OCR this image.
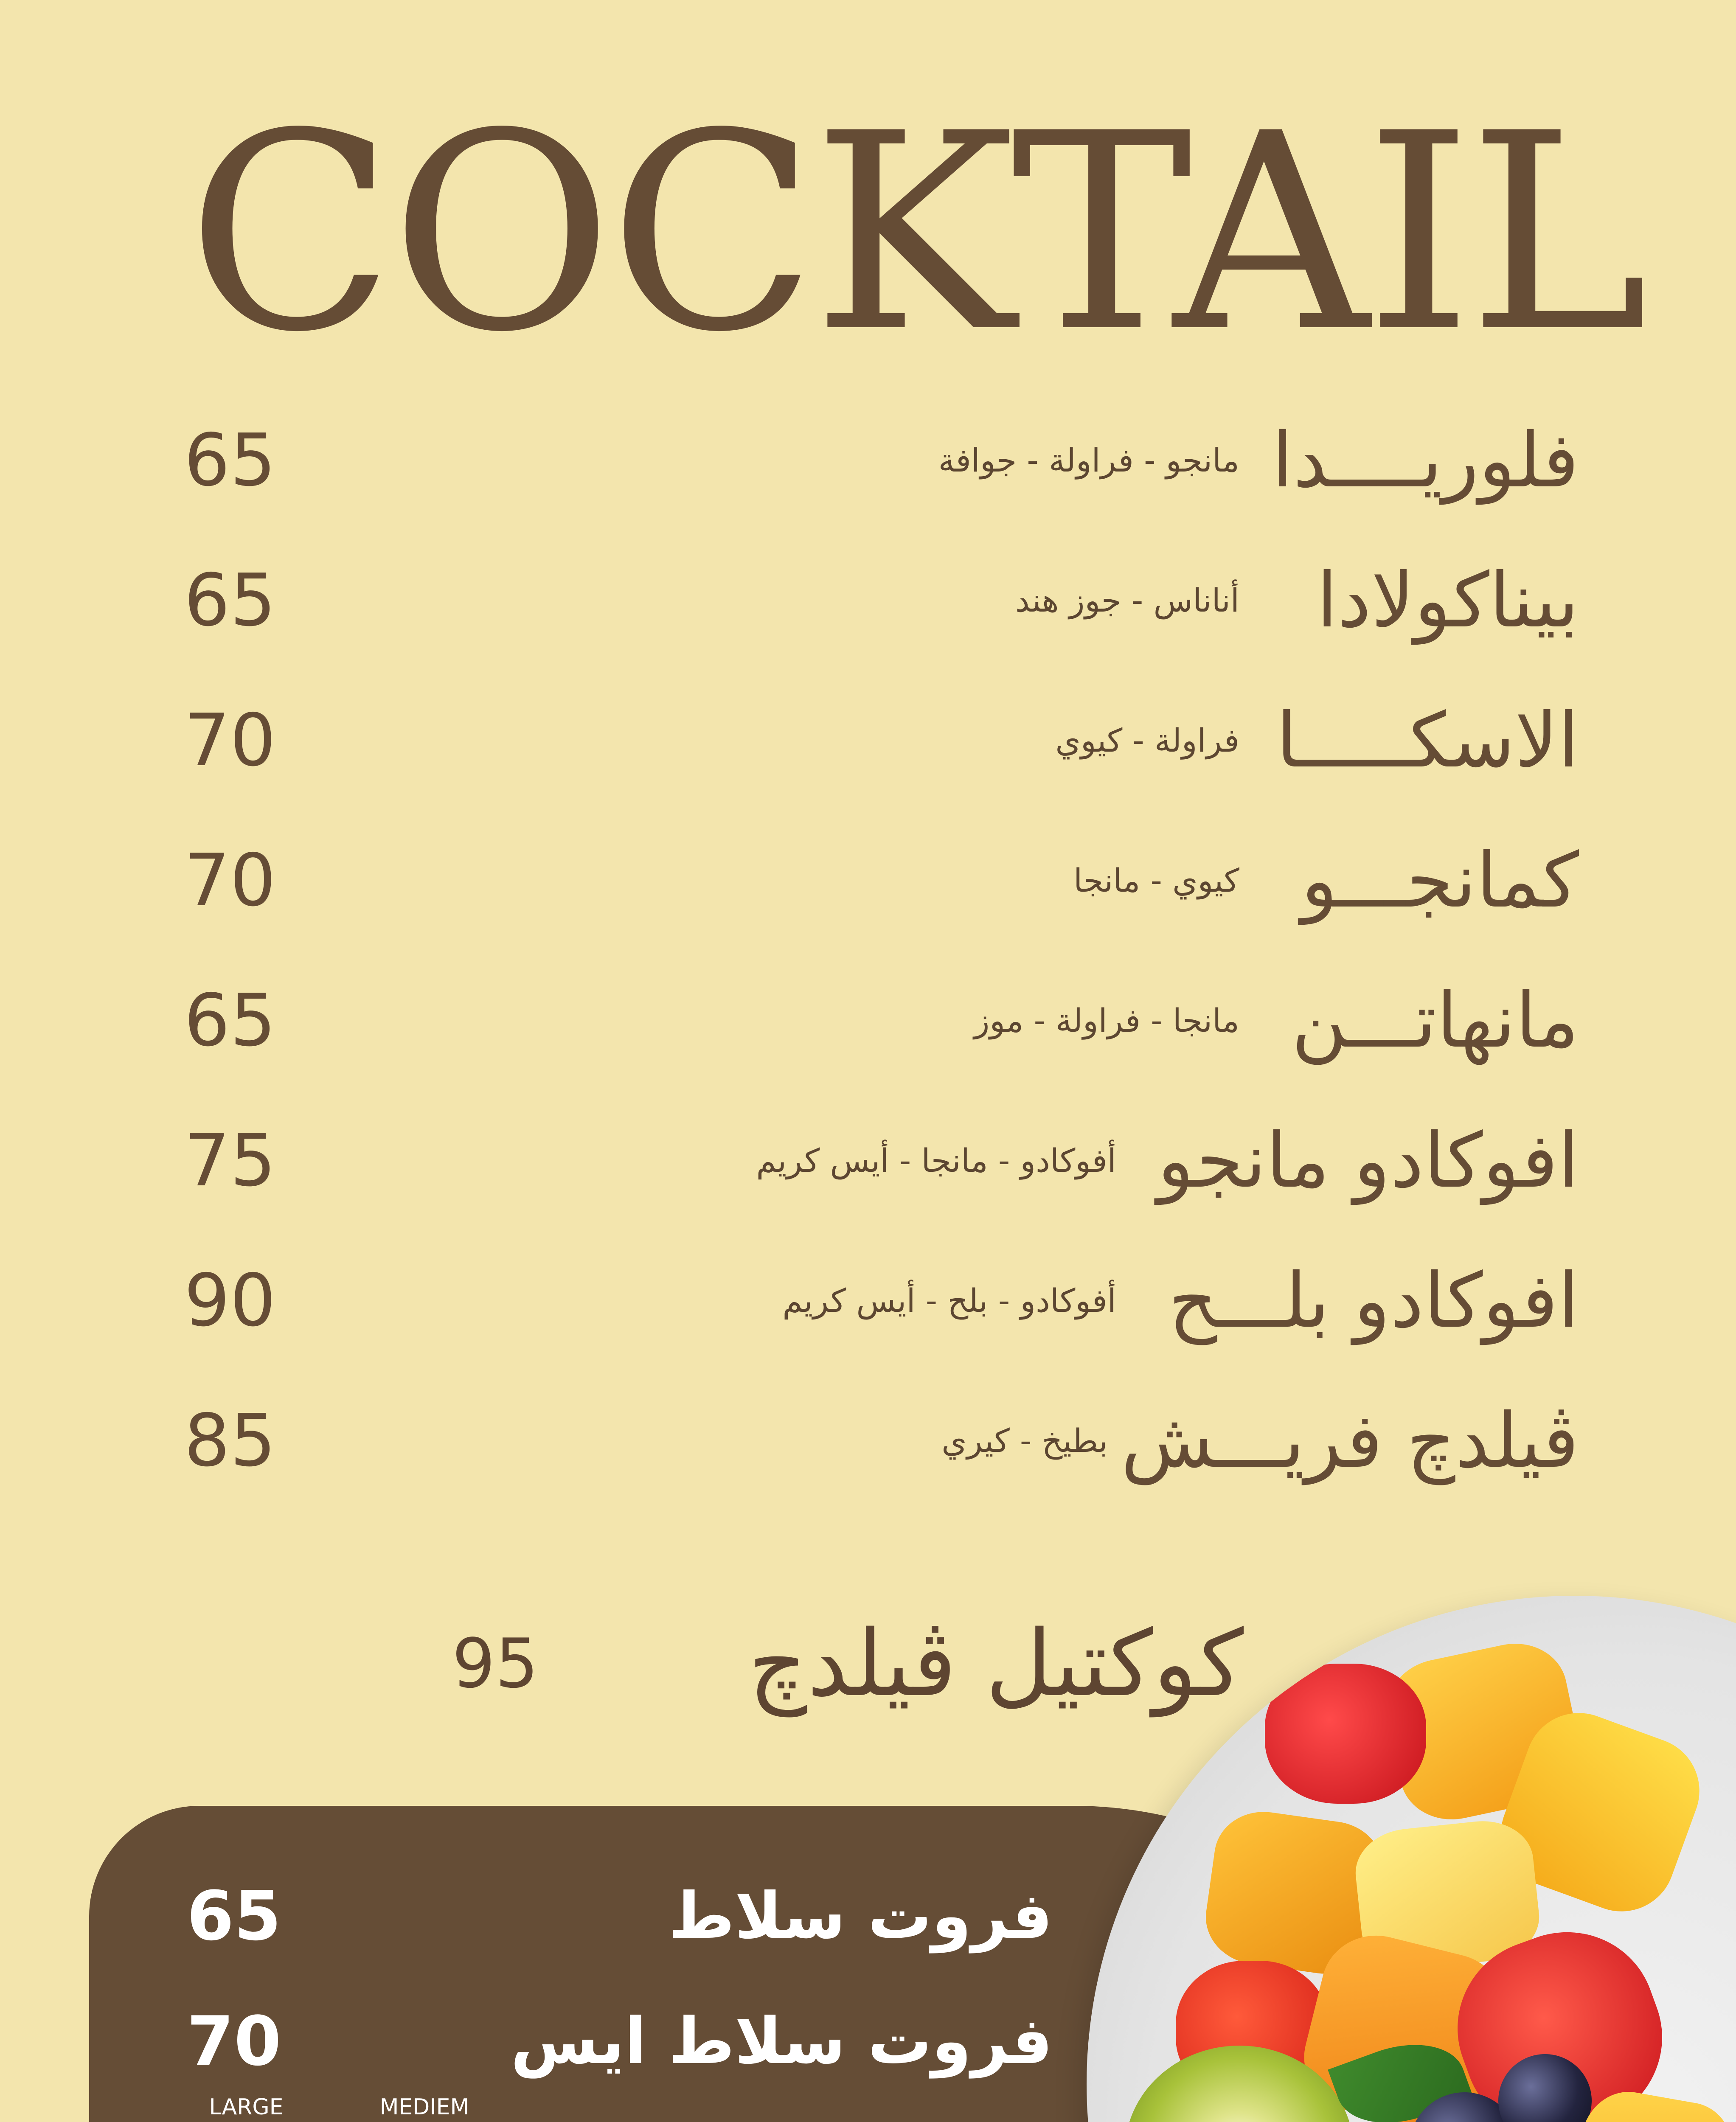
COCKTAIL
فلوريــــدا
مانجو - فراولة - جوافة
65
بيناكولادا
أناناس - جوز هند
65
الاسكـــــا
فراولة - كيوي
70
كمانجـــو
كيوي - مانجا
70
مانهاتـــن
مانجا - فراولة - موز
65
افوكادو مانجو
أفوكادو - مانجا - أيس كريم
75
افوكادو بلـــح
أفوكادو - بلح - أيس كريم
90
ڤيلدچ فريـــش
بطيخ - كيري
85
كوكتيل ڤيلدچ
95
فروت سلاط
65
فروت سلاط ايس
70
LARGE	MEDIEM
